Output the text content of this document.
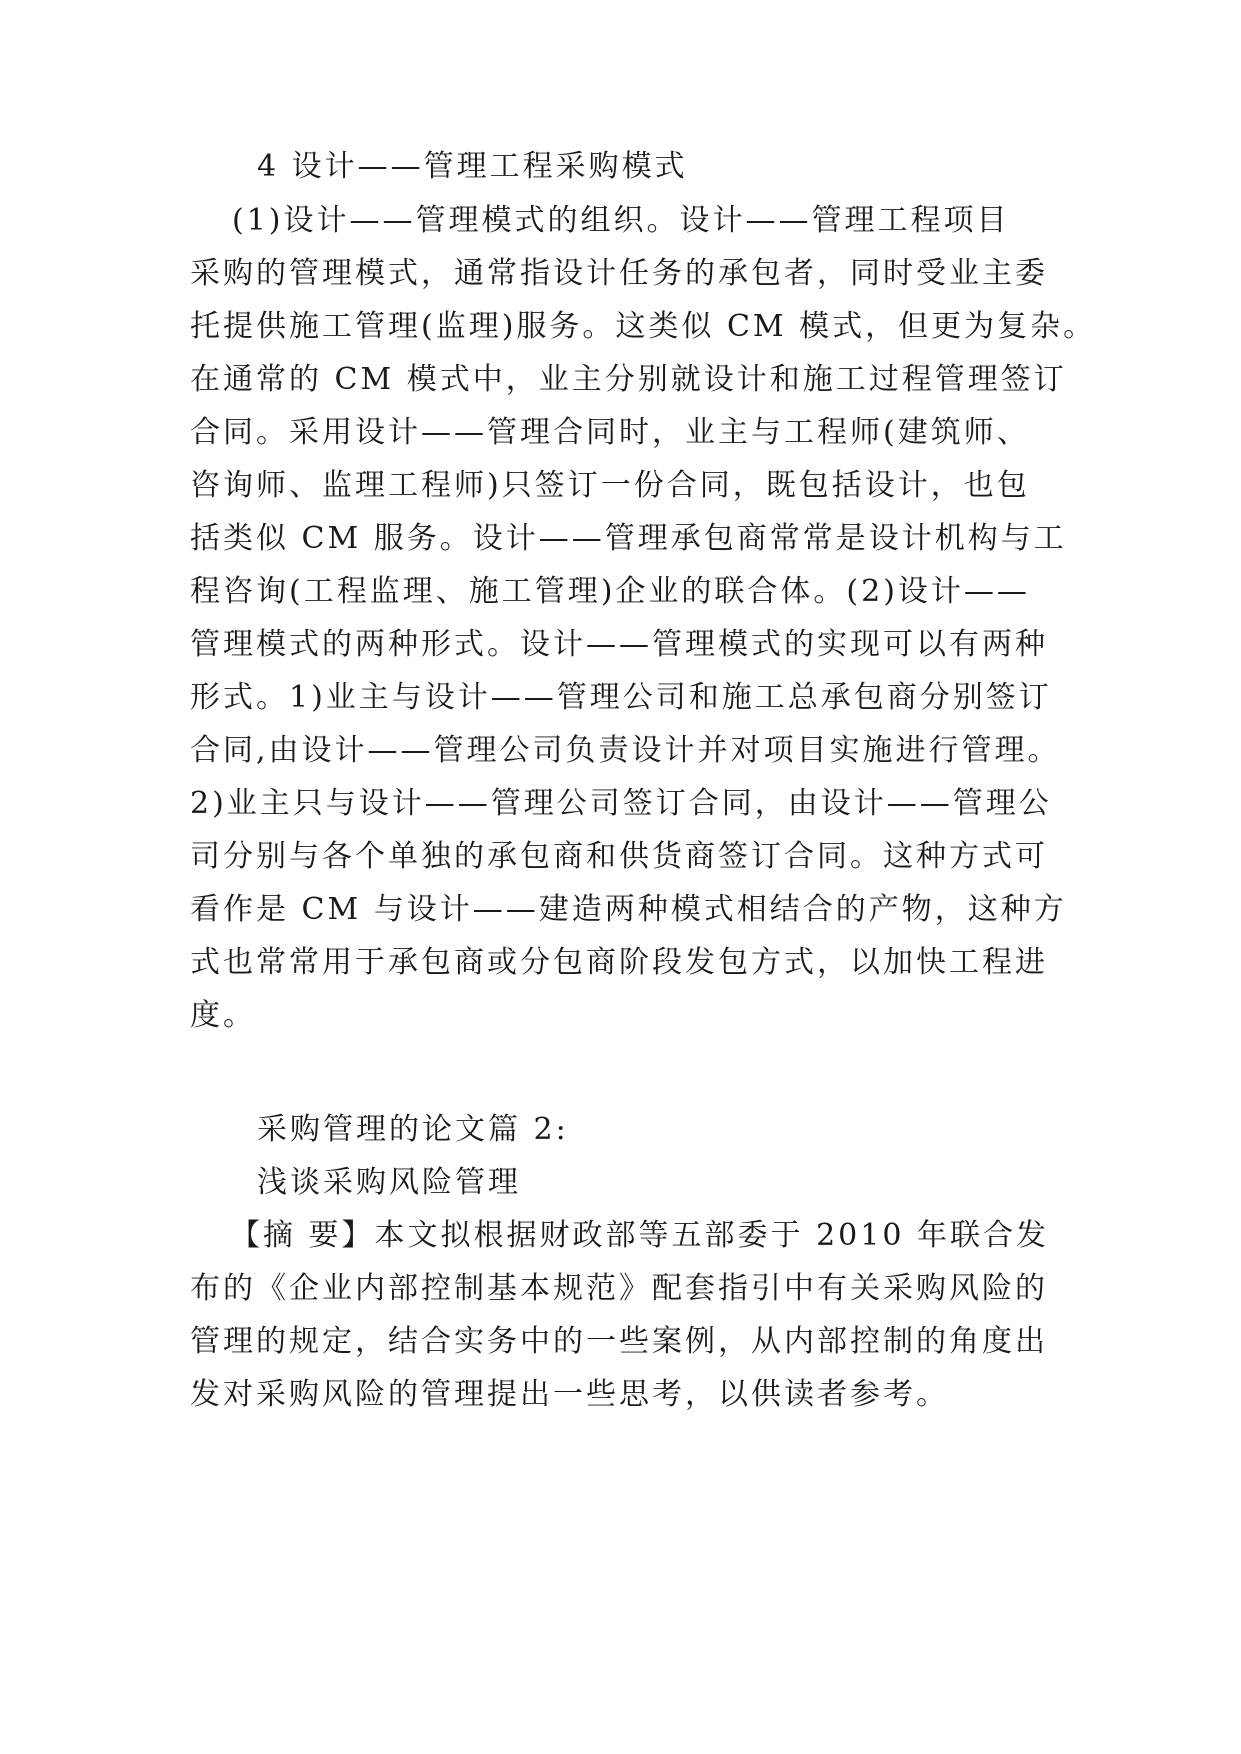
4 设计——管理工程采购模式
(1)设计——管理模式的组织。设计——管理工程项目
采购的管理模式，通常指设计任务的承包者，同时受业主委
托提供施工管理(监理)服务。这类似 CM 模式，但更为复杂。
在通常的 CM 模式中，业主分别就设计和施工过程管理签订
合同。采用设计——管理合同时，业主与工程师(建筑师、
咨询师、监理工程师)只签订一份合同，既包括设计，也包
括类似 CM 服务。设计——管理承包商常常是设计机构与工
程咨询(工程监理、施工管理)企业的联合体。(2)设计——
管理模式的两种形式。设计——管理模式的实现可以有两种
形式。1)业主与设计——管理公司和施工总承包商分别签订
合同,由设计——管理公司负责设计并对项目实施进行管理。
2)业主只与设计——管理公司签订合同，由设计——管理公
司分别与各个单独的承包商和供货商签订合同。这种方式可
看作是 CM 与设计——建造两种模式相结合的产物，这种方
式也常常用于承包商或分包商阶段发包方式，以加快工程进
度。
采购管理的论文篇 2:
浅谈采购风险管理
【摘 要】本文拟根据财政部等五部委于 2010 年联合发
布的《企业内部控制基本规范》配套指引中有关采购风险的
管理的规定，结合实务中的一些案例，从内部控制的角度出
发对采购风险的管理提出一些思考，以供读者参考。
